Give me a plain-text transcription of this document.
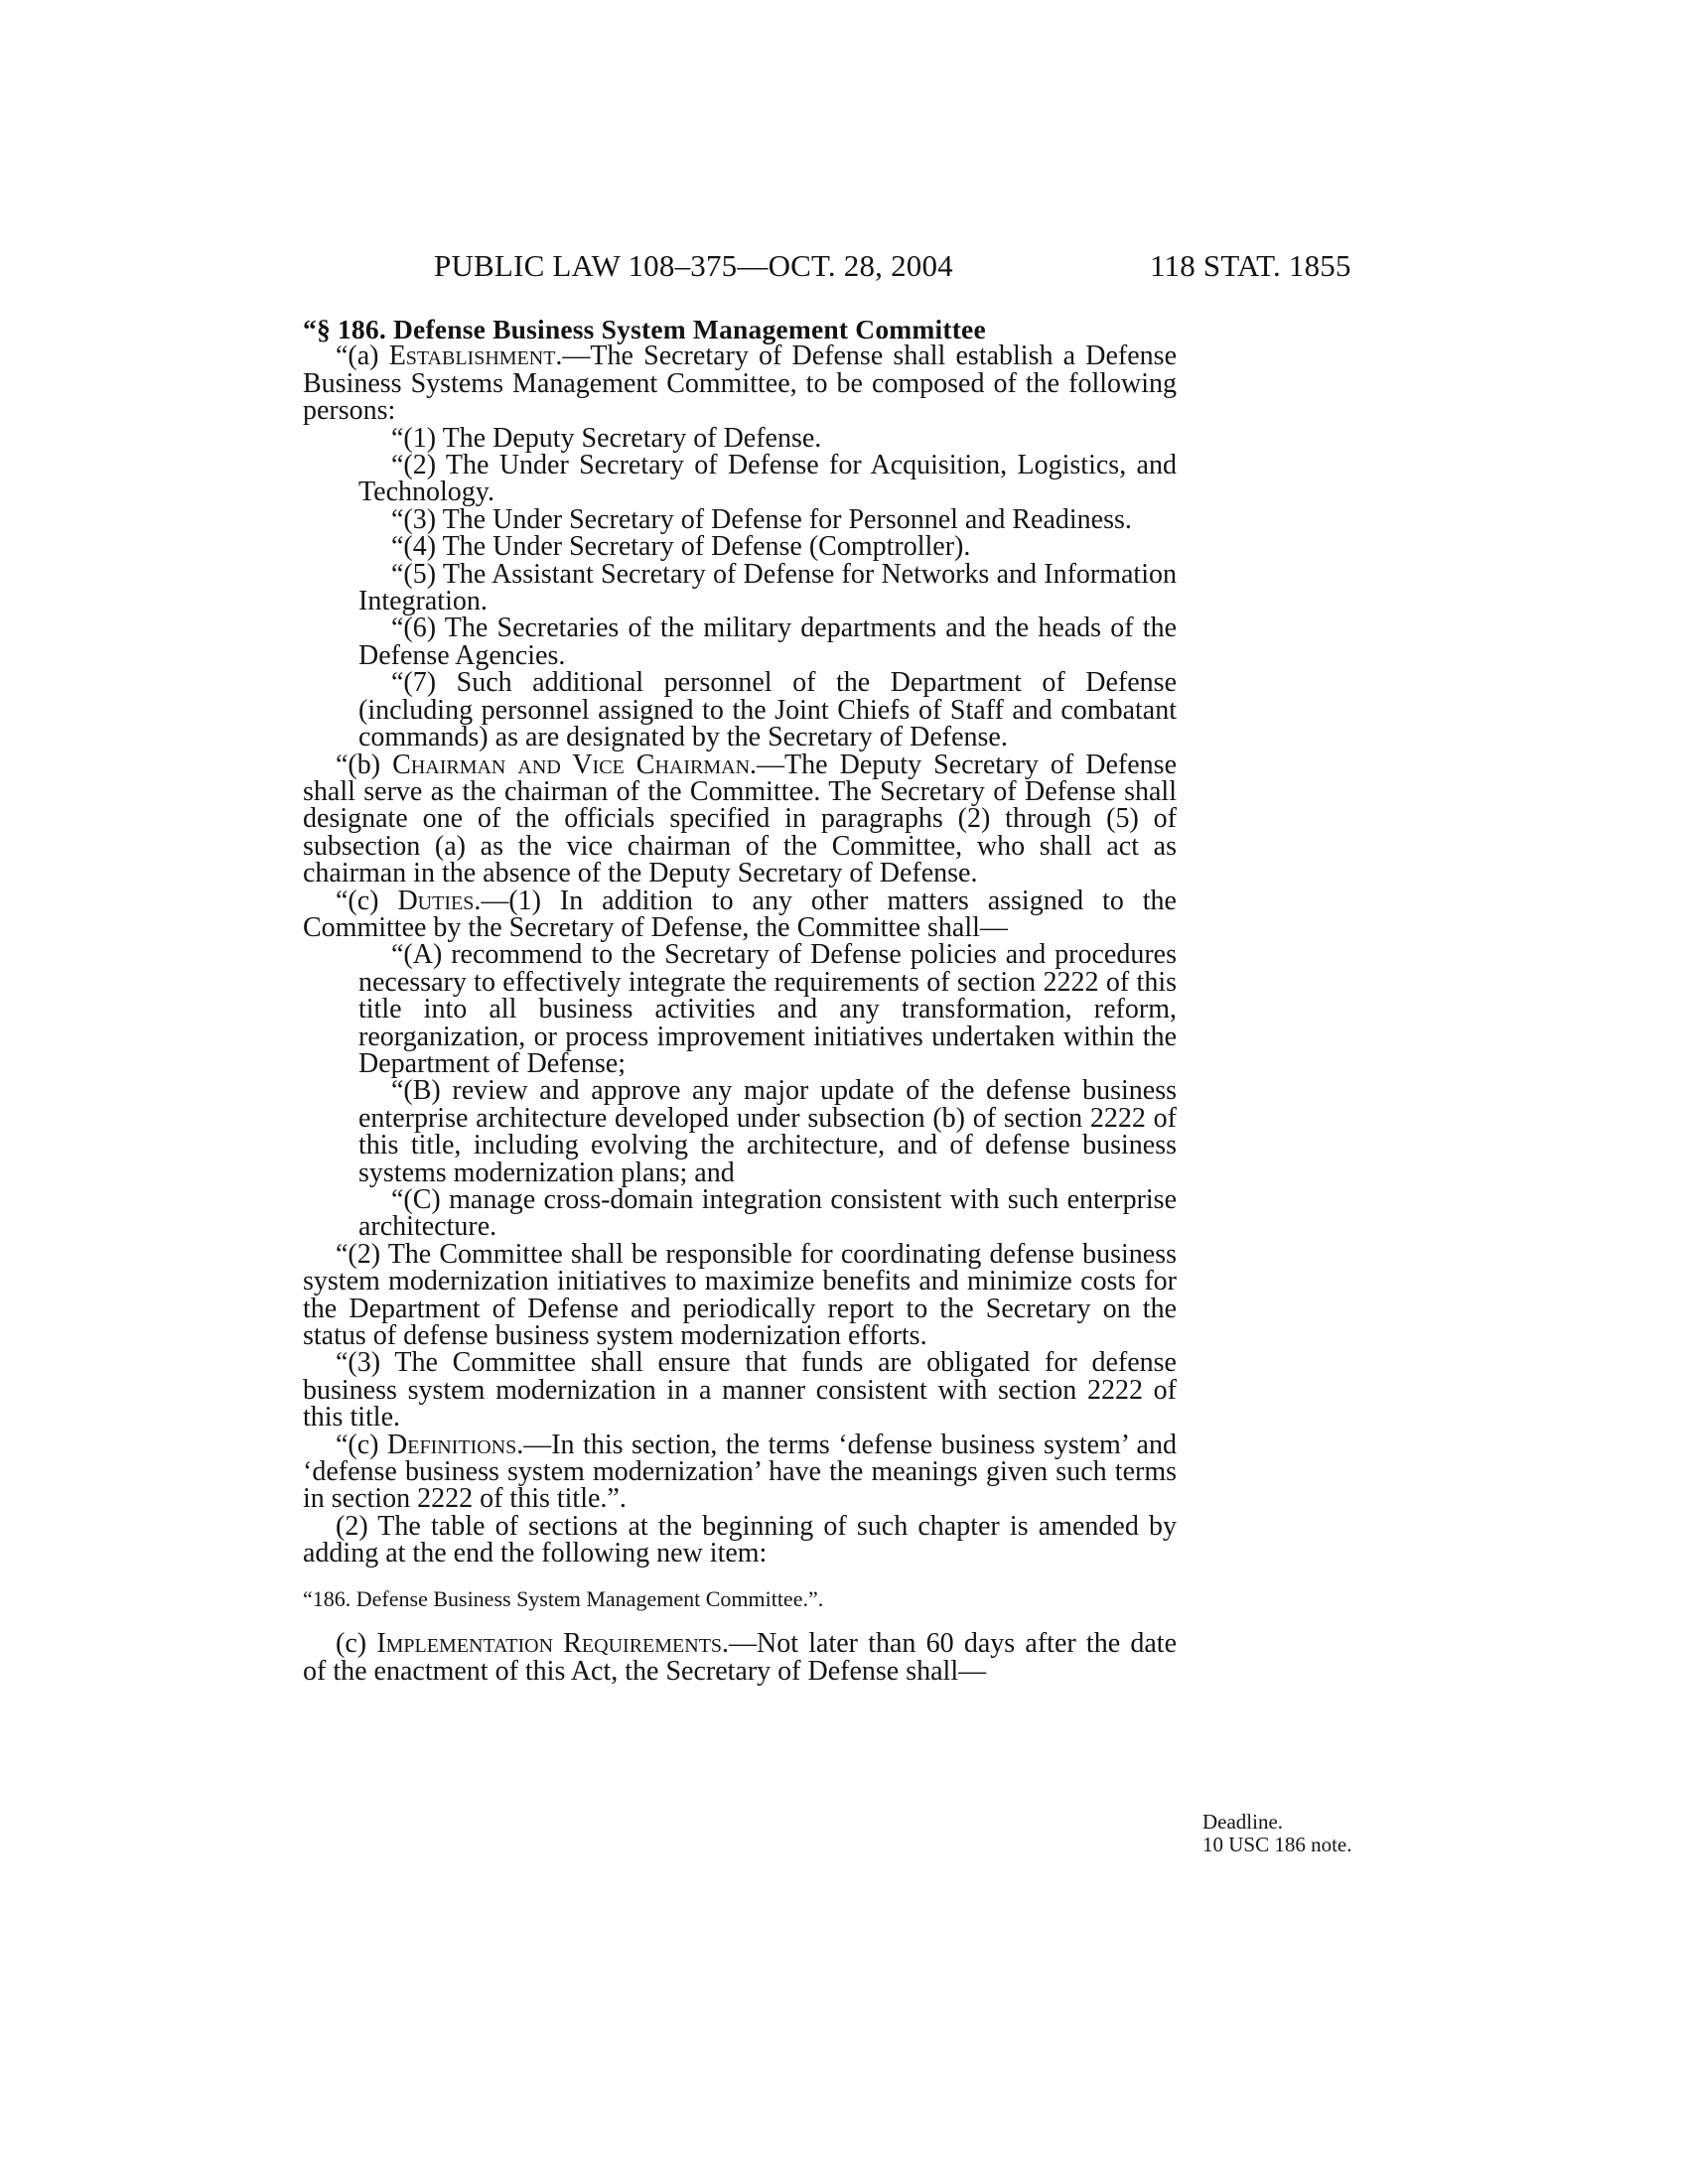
PUBLIC LAW 108–375—OCT. 28, 2004	118 STAT. 1855

“§ 186. Defense Business System Management Committee

“(a) Establishment.—The Secretary of Defense shall establish a Defense Business Systems Management Committee, to be composed of the following persons:

“(1) The Deputy Secretary of Defense.

“(2) The Under Secretary of Defense for Acquisition, Logistics, and Technology.

“(3) The Under Secretary of Defense for Personnel and Readiness.

“(4) The Under Secretary of Defense (Comptroller).

“(5) The Assistant Secretary of Defense for Networks and Information Integration.

“(6) The Secretaries of the military departments and the heads of the Defense Agencies.

“(7) Such additional personnel of the Department of Defense (including personnel assigned to the Joint Chiefs of Staff and combatant commands) as are designated by the Secretary of Defense.

“(b) Chairman and Vice Chairman.—The Deputy Secretary of Defense shall serve as the chairman of the Committee. The Secretary of Defense shall designate one of the officials specified in paragraphs (2) through (5) of subsection (a) as the vice chairman of the Committee, who shall act as chairman in the absence of the Deputy Secretary of Defense.

“(c) Duties.—(1) In addition to any other matters assigned to the Committee by the Secretary of Defense, the Committee shall—

“(A) recommend to the Secretary of Defense policies and procedures necessary to effectively integrate the requirements of section 2222 of this title into all business activities and any transformation, reform, reorganization, or process improvement initiatives undertaken within the Department of Defense;

“(B) review and approve any major update of the defense business enterprise architecture developed under subsection (b) of section 2222 of this title, including evolving the architecture, and of defense business systems modernization plans; and

“(C) manage cross-domain integration consistent with such enterprise architecture.

“(2) The Committee shall be responsible for coordinating defense business system modernization initiatives to maximize benefits and minimize costs for the Department of Defense and periodically report to the Secretary on the status of defense business system modernization efforts.

“(3) The Committee shall ensure that funds are obligated for defense business system modernization in a manner consistent with section 2222 of this title.

“(c) Definitions.—In this section, the terms ‘defense business system’ and ‘defense business system modernization’ have the meanings given such terms in section 2222 of this title.”.

(2) The table of sections at the beginning of such chapter is amended by adding at the end the following new item:

“186. Defense Business System Management Committee.”.

(c) Implementation Requirements.—Not later than 60 days after the date of the enactment of this Act, the Secretary of Defense shall—

Deadline.
10 USC 186 note.
